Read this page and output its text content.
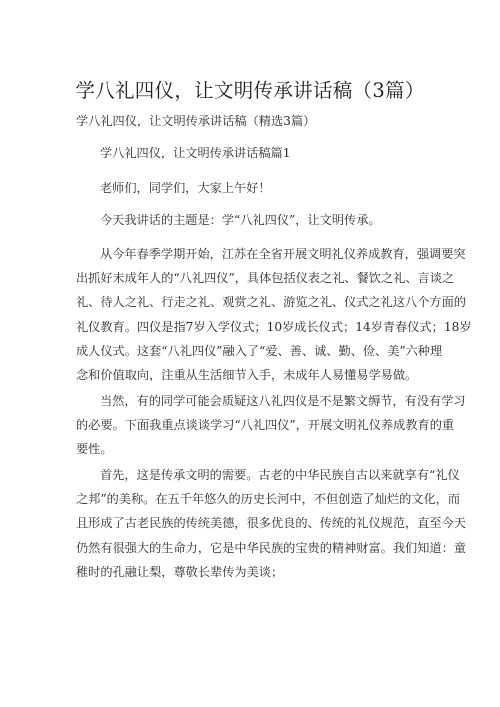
学八礼四仪，让文明传承讲话稿（3篇）
学八礼四仪，让文明传承讲话稿（精选3篇）

学八礼四仪，让文明传承讲话稿篇1

老师们，同学们，大家上午好！

今天我讲话的主题是：学“八礼四仪”，让文明传承。

从今年春季学期开始，江苏在全省开展文明礼仪养成教育，强调要突
出抓好未成年人的“八礼四仪”，具体包括仪表之礼、餐饮之礼、言谈之
礼、待人之礼、行走之礼、观赏之礼、游览之礼、仪式之礼这八个方面的
礼仪教育。四仪是指7岁入学仪式；10岁成长仪式；14岁青春仪式；18岁
成人仪式。这套“八礼四仪”融入了“爱、善、诚、勤、俭、美”六种理
念和价值取向，注重从生活细节入手，未成年人易懂易学易做。

当然，有的同学可能会质疑这八礼四仪是不是繁文缛节，有没有学习
的必要。下面我重点谈谈学习“八礼四仪”，开展文明礼仪养成教育的重
要性。

首先，这是传承文明的需要。古老的中华民族自古以来就享有“礼仪
之邦”的美称。在五千年悠久的历史长河中，不但创造了灿烂的文化，而
且形成了古老民族的传统美德，很多优良的、传统的礼仪规范，直至今天
仍然有很强大的生命力，它是中华民族的宝贵的精神财富。我们知道：童
稚时的孔融让梨，尊敬长辈传为美谈；
